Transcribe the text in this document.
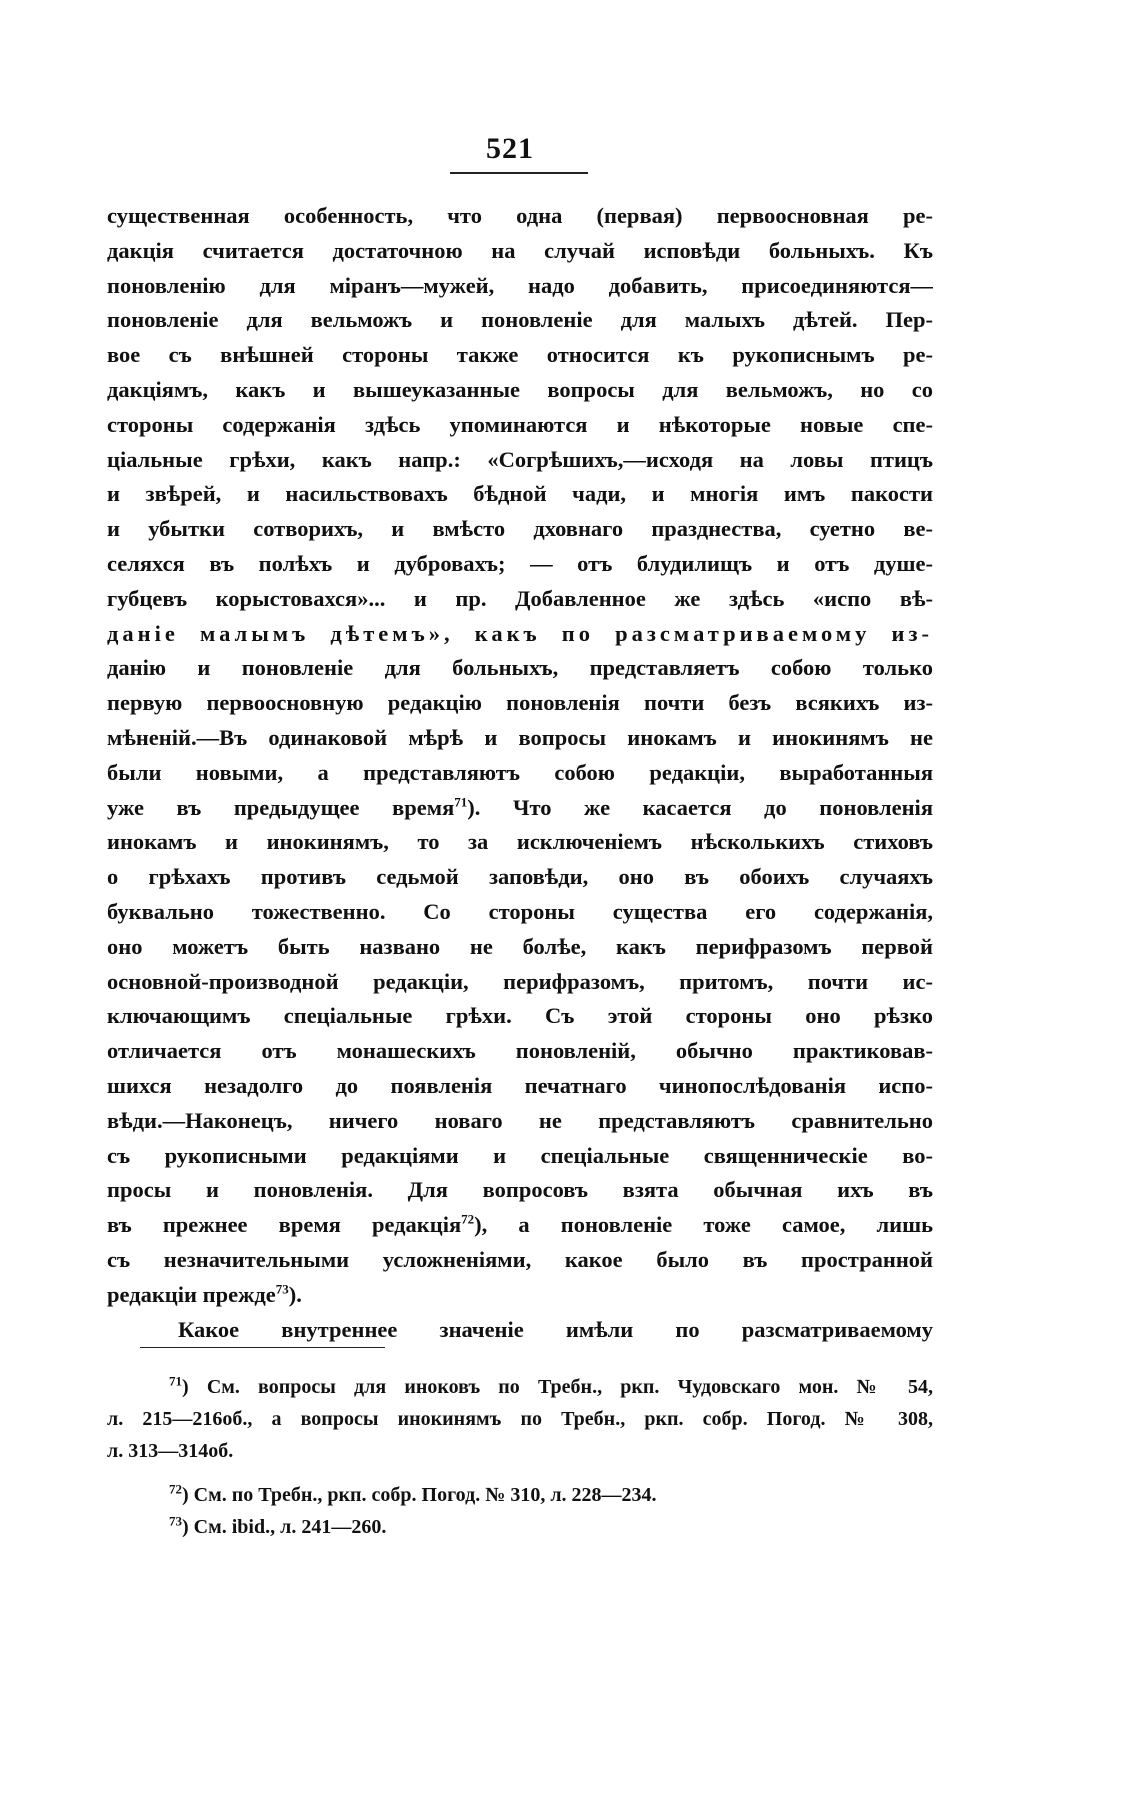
521
существенная особенность, что одна (первая) первоосновная ре-
дакція считается достаточною на случай исповѣди больныхъ. Къ
поновленію для міранъ—мужей, надо добавить, присоединяются—
поновленіе для вельможъ и поновленіе для малыхъ дѣтей. Пер-
вое съ внѣшней стороны также относится къ рукописнымъ ре-
дакціямъ, какъ и вышеуказанные вопросы для вельможъ, но со
стороны содержанія здѣсь упоминаются и нѣкоторые новые спе-
ціальные грѣхи, какъ напр.: «Согрѣшихъ,—исходя на ловы птицъ
и звѣрей, и насильствовахъ бѣдной чади, и многія имъ пакости
и убытки сотворихъ, и вмѣсто дховнаго празднества, суетно ве-
селяхся въ полѣхъ и дубровахъ; — отъ блудилищъ и отъ душе-
губцевъ корыстовахся»... и пр. Добавленное же здѣсь «испо вѣ-
даніе малымъ дѣтемъ», какъ по разсматриваемому из-
данію и поновленіе для больныхъ, представляетъ собою только
первую первоосновную редакцію поновленія почти безъ всякихъ из-
мѣненій.—Въ одинаковой мѣрѣ и вопросы инокамъ и инокинямъ не
были новыми, а представляютъ собою редакціи, выработанныя
уже въ предыдущее время$^{71}$). Что же касается до поновленія
инокамъ и инокинямъ, то за исключеніемъ нѣсколькихъ стиховъ
о грѣхахъ противъ седьмой заповѣди, оно въ обоихъ случаяхъ
буквально тожественно. Со стороны существа его содержанія,
оно можетъ быть названо не болѣе, какъ перифразомъ первой
основной-производной редакціи, перифразомъ, притомъ, почти ис-
ключающимъ спеціальные грѣхи. Съ этой стороны оно рѣзко
отличается отъ монашескихъ поновленій, обычно практиковав-
шихся незадолго до появленія печатнаго чинопослѣдованія испо-
вѣди.—Наконецъ, ничего новаго не представляютъ сравнительно
съ рукописными редакціями и спеціальные священническіе во-
просы и поновленія. Для вопросовъ взята обычная ихъ въ
въ прежнее время редакція$^{72}$), а поновленіе тоже самое, лишь
съ незначительными усложненіями, какое было въ пространной
редакціи прежде$^{73}$).
Какое внутреннее значеніе имѣли по разсматриваемому
$^{71}$) См. вопросы для иноковъ по Требн., ркп. Чудовскаго мон. № 54,
л. 215—216об., а вопросы инокинямъ по Требн., ркп. собр. Погод. № 308,
л. 313—314об.
$^{72}$) См. по Требн., ркп. собр. Погод. № 310, л. 228—234.
$^{73}$) См. ibid., л. 241—260.
